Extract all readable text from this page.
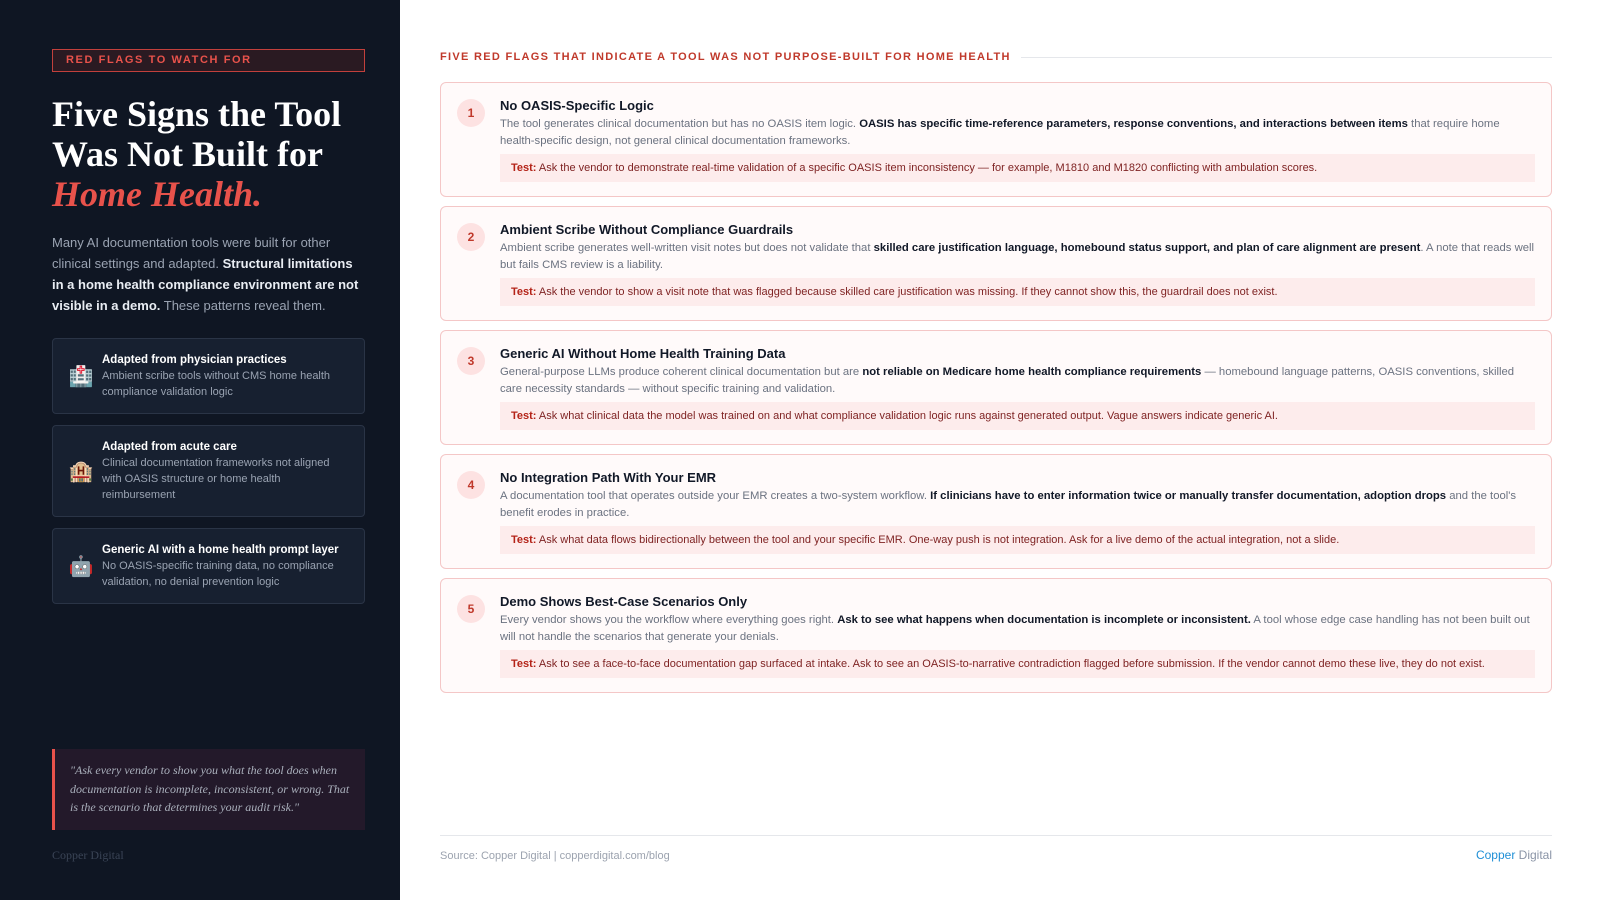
RED FLAGS TO WATCH FOR
Five Signs the Tool
Was Not Built for
Home Health.

Many AI documentation tools were built for other clinical settings and adapted. Structural limitations in a home health compliance environment are not visible in a demo. These patterns reveal them.

🏥
Adapted from physician practices
Ambient scribe tools without CMS home health compliance validation logic
🏨
Adapted from acute care
Clinical documentation frameworks not aligned with OASIS structure or home health reimbursement
🤖
Generic AI with a home health prompt layer
No OASIS-specific training data, no compliance validation, no denial prevention logic
"Ask every vendor to show you what the tool does when documentation is incomplete, inconsistent, or wrong. That is the scenario that determines your audit risk."
Copper Digital
FIVE RED FLAGS THAT INDICATE A TOOL WAS NOT PURPOSE-BUILT FOR HOME HEALTH
1	No OASIS-Specific Logic
The tool generates clinical documentation but has no OASIS item logic. OASIS has specific time-reference parameters, response conventions, and interactions between items that require home health-specific design, not general clinical documentation frameworks.
Test: Ask the vendor to demonstrate real-time validation of a specific OASIS item inconsistency — for example, M1810 and M1820 conflicting with ambulation scores.
2	Ambient Scribe Without Compliance Guardrails
Ambient scribe generates well-written visit notes but does not validate that skilled care justification language, homebound status support, and plan of care alignment are present. A note that reads well but fails CMS review is a liability.
Test: Ask the vendor to show a visit note that was flagged because skilled care justification was missing. If they cannot show this, the guardrail does not exist.
3	Generic AI Without Home Health Training Data
General-purpose LLMs produce coherent clinical documentation but are not reliable on Medicare home health compliance requirements — homebound language patterns, OASIS conventions, skilled care necessity standards — without specific training and validation.
Test: Ask what clinical data the model was trained on and what compliance validation logic runs against generated output. Vague answers indicate generic AI.
4	No Integration Path With Your EMR
A documentation tool that operates outside your EMR creates a two-system workflow. If clinicians have to enter information twice or manually transfer documentation, adoption drops and the tool's benefit erodes in practice.
Test: Ask what data flows bidirectionally between the tool and your specific EMR. One-way push is not integration. Ask for a live demo of the actual integration, not a slide.
5	Demo Shows Best-Case Scenarios Only
Every vendor shows you the workflow where everything goes right. Ask to see what happens when documentation is incomplete or inconsistent. A tool whose edge case handling has not been built out will not handle the scenarios that generate your denials.
Test: Ask to see a face-to-face documentation gap surfaced at intake. Ask to see an OASIS-to-narrative contradiction flagged before submission. If the vendor cannot demo these live, they do not exist.
Source: Copper Digital | copperdigital.com/blog	Copper Digital
